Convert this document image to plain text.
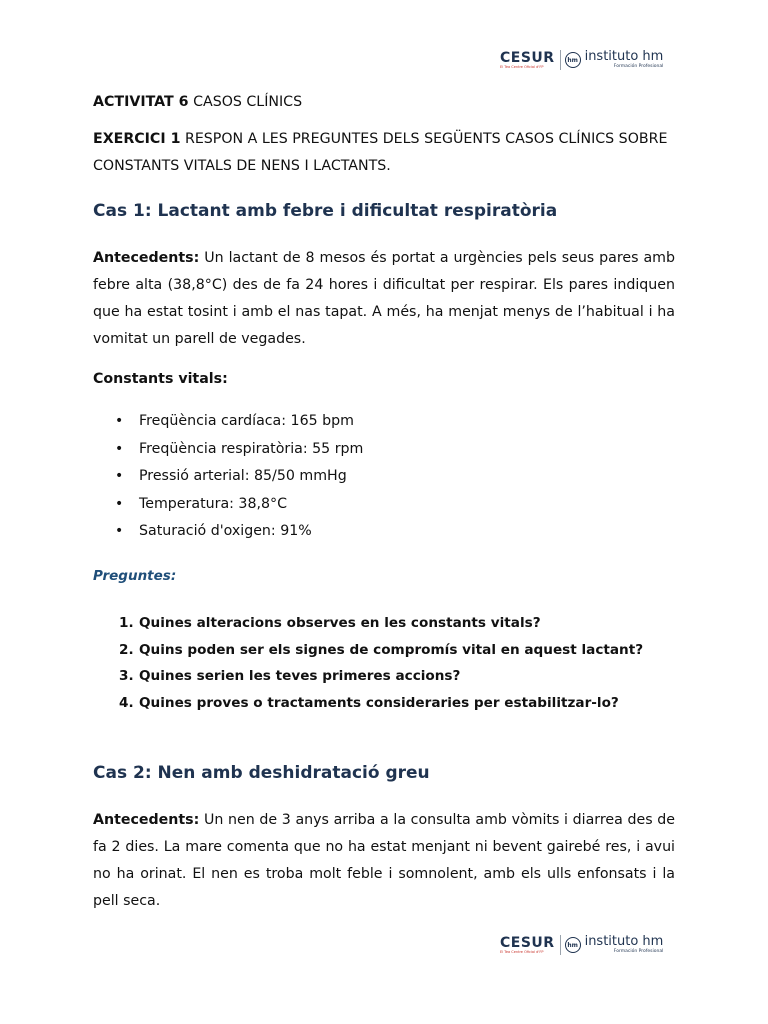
CESUR
El Tea Centre Oficial d'FP
hm instituto hm
Formación Profesional
ACTIVITAT 6 CASOS CLÍNICS
EXERCICI 1 RESPON A LES PREGUNTES DELS SEGÜENTS CASOS CLÍNICS SOBRE CONSTANTS VITALS DE NENS I LACTANTS.
Cas 1: Lactant amb febre i dificultat respiratòria
Antecedents: Un lactant de 8 mesos és portat a urgències pels seus pares amb febre alta (38,8°C) des de fa 24 hores i dificultat per respirar. Els pares indiquen que ha estat tosint i amb el nas tapat. A més, ha menjat menys de l’habitual i ha vomitat un parell de vegades.
Constants vitals:
• Freqüència cardíaca: 165 bpm
• Freqüència respiratòria: 55 rpm
• Pressió arterial: 85/50 mmHg
• Temperatura: 38,8°C
• Saturació d'oxigen: 91%
Preguntes:
1. Quines alteracions observes en les constants vitals?
2. Quins poden ser els signes de compromís vital en aquest lactant?
3. Quines serien les teves primeres accions?
4. Quines proves o tractaments consideraries per estabilitzar-lo?
Cas 2: Nen amb deshidratació greu
Antecedents: Un nen de 3 anys arriba a la consulta amb vòmits i diarrea des de fa 2 dies. La mare comenta que no ha estat menjant ni bevent gairebé res, i avui no ha orinat. El nen es troba molt feble i somnolent, amb els ulls enfonsats i la pell seca.
CESUR
El Tea Centre Oficial d'FP
hm instituto hm
Formación Profesional
